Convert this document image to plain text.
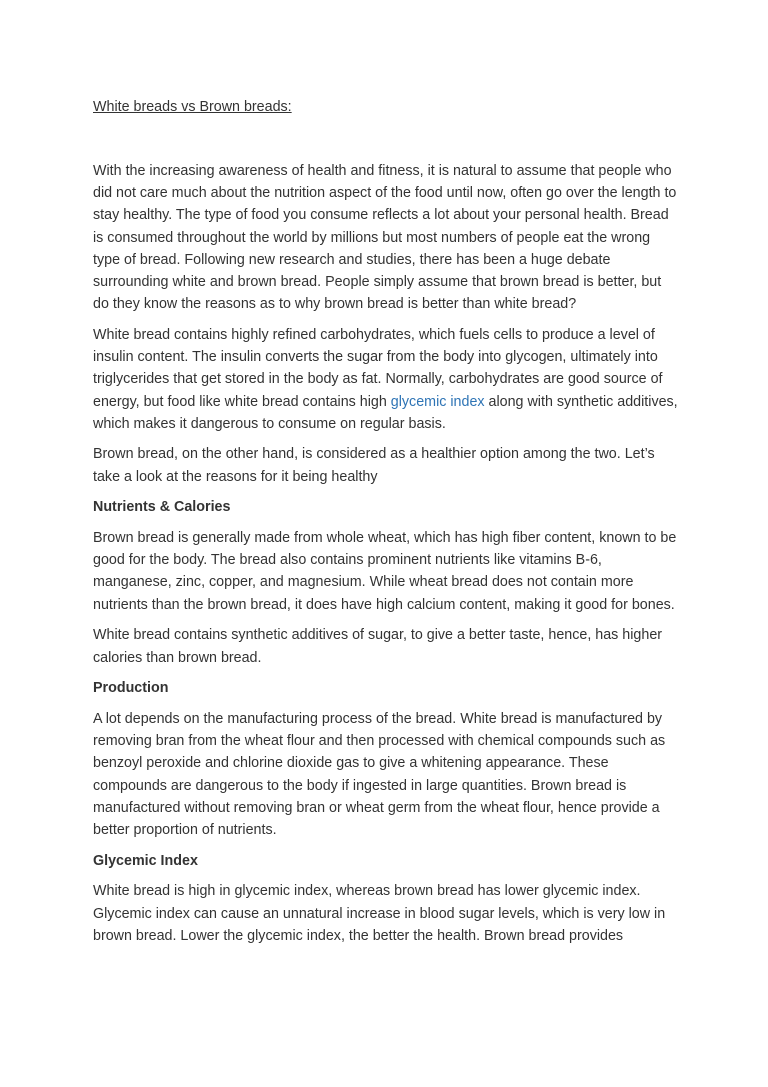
White breads vs Brown breads:

With the increasing awareness of health and fitness, it is natural to assume that people who did not care much about the nutrition aspect of the food until now, often go over the length to stay healthy. The type of food you consume reflects a lot about your personal health. Bread is consumed throughout the world by millions but most numbers of people eat the wrong type of bread. Following new research and studies, there has been a huge debate surrounding white and brown bread. People simply assume that brown bread is better, but do they know the reasons as to why brown bread is better than white bread?

White bread contains highly refined carbohydrates, which fuels cells to produce a level of insulin content. The insulin converts the sugar from the body into glycogen, ultimately into triglycerides that get stored in the body as fat. Normally, carbohydrates are good source of energy, but food like white bread contains high glycemic index along with synthetic additives, which makes it dangerous to consume on regular basis.

Brown bread, on the other hand, is considered as a healthier option among the two. Let’s take a look at the reasons for it being healthy

Nutrients & Calories

Brown bread is generally made from whole wheat, which has high fiber content, known to be good for the body. The bread also contains prominent nutrients like vitamins B-6, manganese, zinc, copper, and magnesium. While wheat bread does not contain more nutrients than the brown bread, it does have high calcium content, making it good for bones.

White bread contains synthetic additives of sugar, to give a better taste, hence, has higher calories than brown bread.

Production

A lot depends on the manufacturing process of the bread. White bread is manufactured by removing bran from the wheat flour and then processed with chemical compounds such as benzoyl peroxide and chlorine dioxide gas to give a whitening appearance. These compounds are dangerous to the body if ingested in large quantities. Brown bread is manufactured without removing bran or wheat germ from the wheat flour, hence provide a better proportion of nutrients.

Glycemic Index

White bread is high in glycemic index, whereas brown bread has lower glycemic index. Glycemic index can cause an unnatural increase in blood sugar levels, which is very low in brown bread. Lower the glycemic index, the better the health. Brown bread provides
